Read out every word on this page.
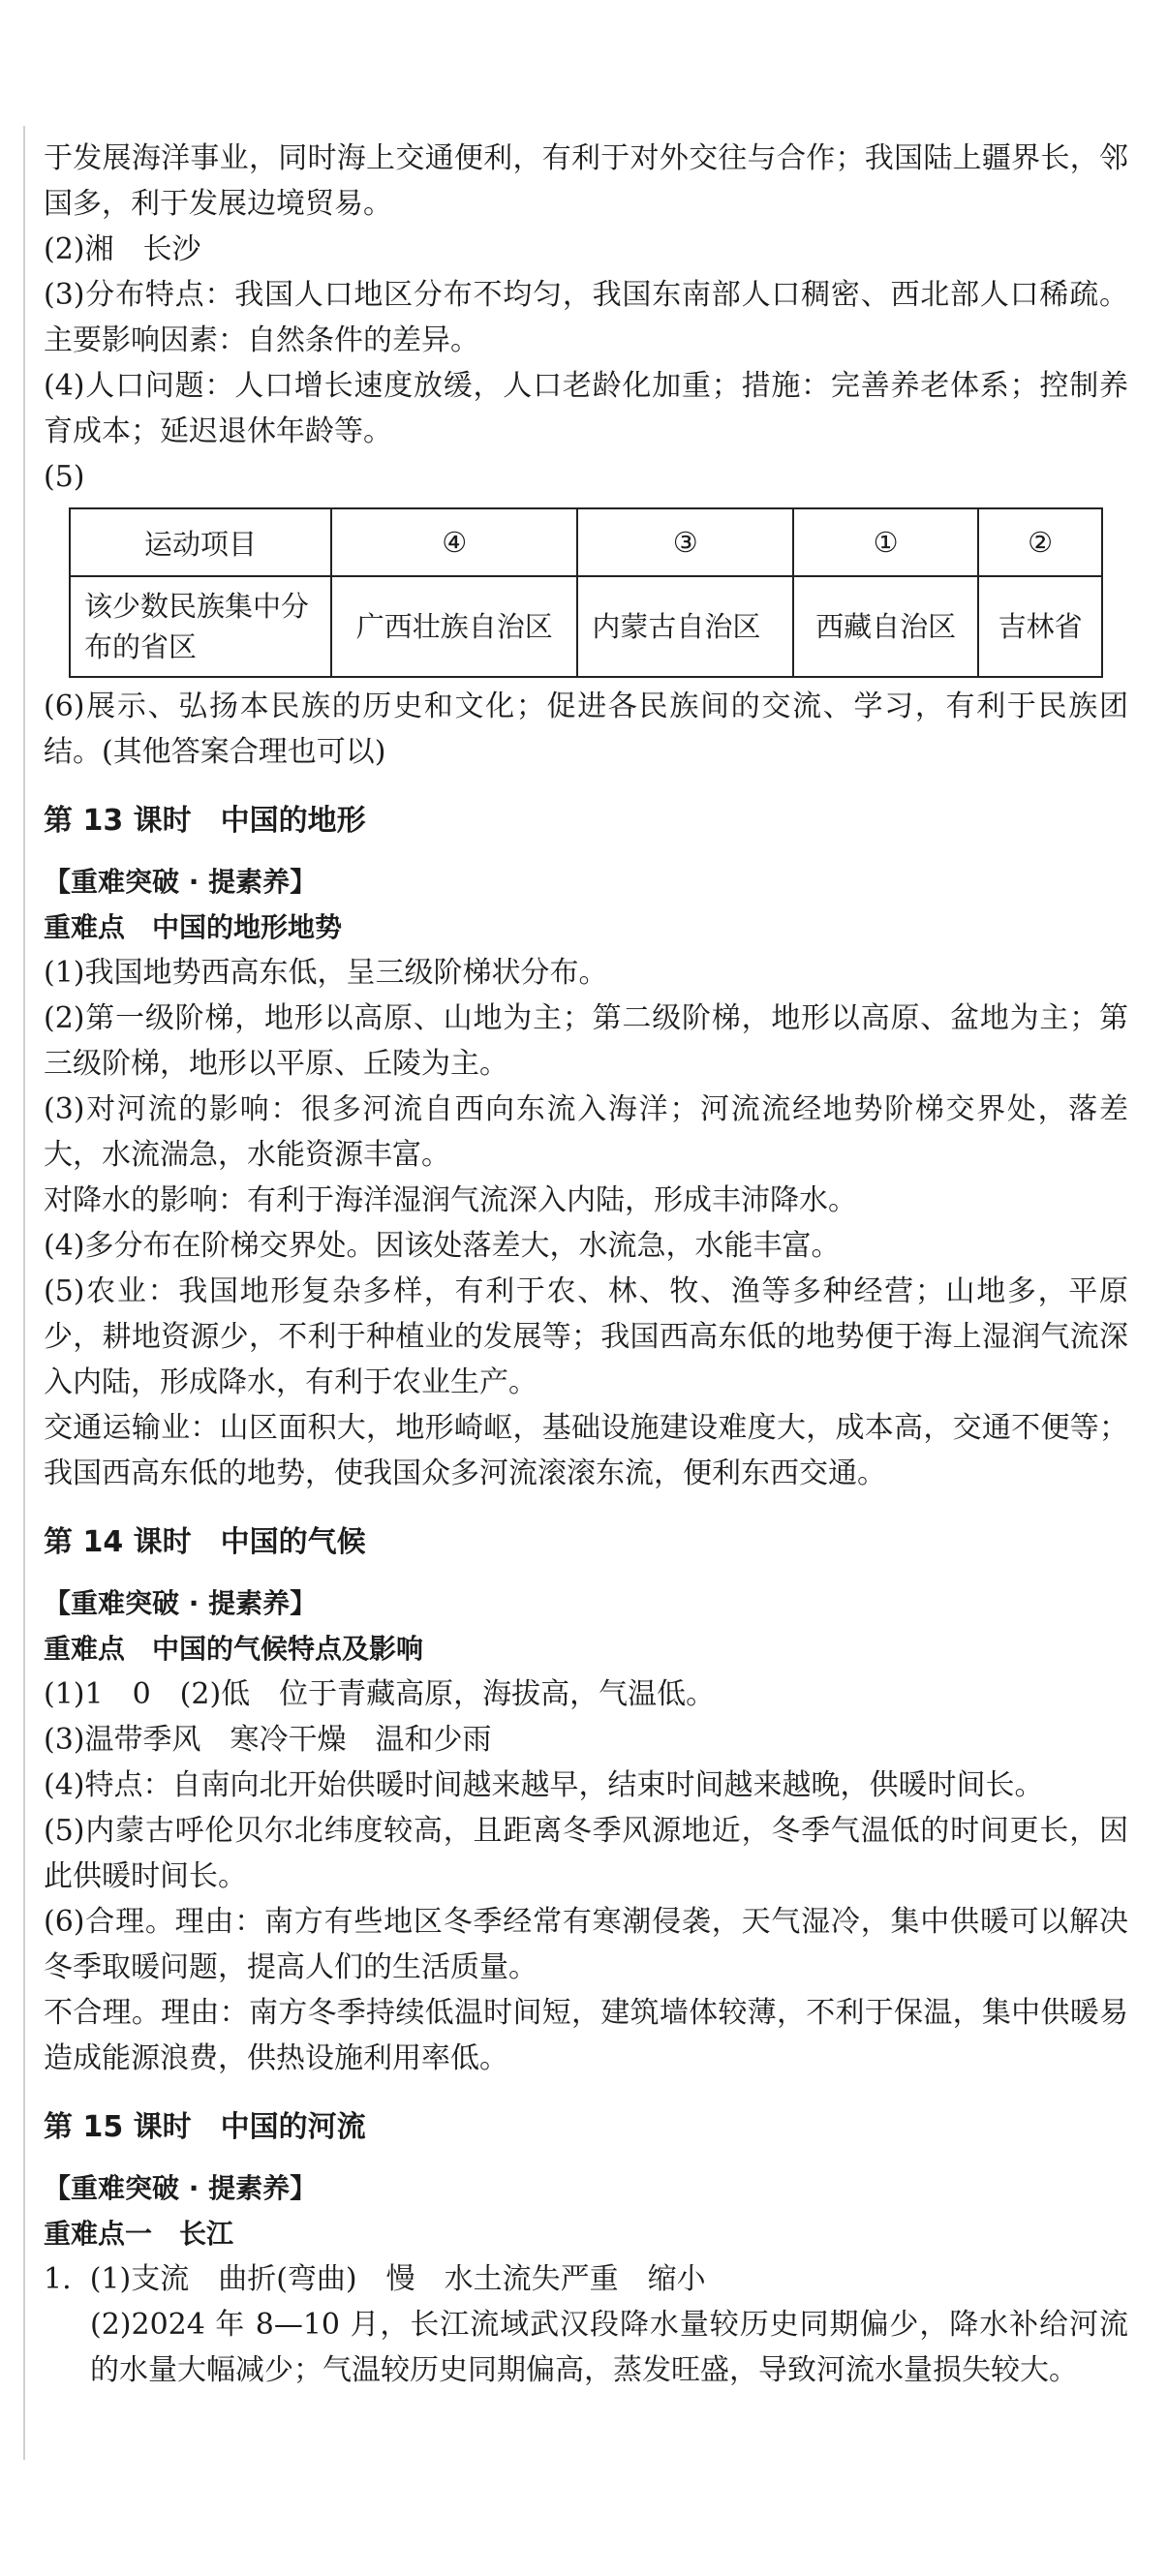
于发展海洋事业，同时海上交通便利，有利于对外交往与合作；我国陆上疆界长，邻国多，利于发展边境贸易。

(2)湘　长沙

(3)分布特点：我国人口地区分布不均匀，我国东南部人口稠密、西北部人口稀疏。主要影响因素：自然条件的差异。

(4)人口问题：人口增长速度放缓，人口老龄化加重；措施：完善养老体系；控制养育成本；延迟退休年龄等。

(5)

运动项目	④	③	①	②
该少数民族集中分布的省区	广西壮族自治区	内蒙古自治区	西藏自治区	吉林省

(6)展示、弘扬本民族的历史和文化；促进各民族间的交流、学习，有利于民族团结。(其他答案合理也可以)

第 13 课时　中国的地形
【重难突破 · 提素养】
重难点　中国的地形地势

(1)我国地势西高东低，呈三级阶梯状分布。

(2)第一级阶梯，地形以高原、山地为主；第二级阶梯，地形以高原、盆地为主；第三级阶梯，地形以平原、丘陵为主。

(3)对河流的影响：很多河流自西向东流入海洋；河流流经地势阶梯交界处，落差大，水流湍急，水能资源丰富。

对降水的影响：有利于海洋湿润气流深入内陆，形成丰沛降水。

(4)多分布在阶梯交界处。因该处落差大，水流急，水能丰富。

(5)农业：我国地形复杂多样，有利于农、林、牧、渔等多种经营；山地多，平原少，耕地资源少，不利于种植业的发展等；我国西高东低的地势便于海上湿润气流深入内陆，形成降水，有利于农业生产。

交通运输业：山区面积大，地形崎岖，基础设施建设难度大，成本高，交通不便等；我国西高东低的地势，使我国众多河流滚滚东流，便利东西交通。

第 14 课时　中国的气候
【重难突破 · 提素养】
重难点　中国的气候特点及影响

(1)1　0　(2)低　位于青藏高原，海拔高，气温低。

(3)温带季风　寒冷干燥　温和少雨

(4)特点：自南向北开始供暖时间越来越早，结束时间越来越晚，供暖时间长。

(5)内蒙古呼伦贝尔北纬度较高，且距离冬季风源地近，冬季气温低的时间更长，因此供暖时间长。

(6)合理。理由：南方有些地区冬季经常有寒潮侵袭，天气湿冷，集中供暖可以解决冬季取暖问题，提高人们的生活质量。

不合理。理由：南方冬季持续低温时间短，建筑墙体较薄，不利于保温，集中供暖易造成能源浪费，供热设施利用率低。

第 15 课时　中国的河流
【重难突破 · 提素养】
重难点一　长江

1.  (1)支流　曲折(弯曲)　慢　水土流失严重　缩小

(2)2024 年 8—10 月，长江流域武汉段降水量较历史同期偏少，降水补给河流的水量大幅减少；气温较历史同期偏高，蒸发旺盛，导致河流水量损失较大。
